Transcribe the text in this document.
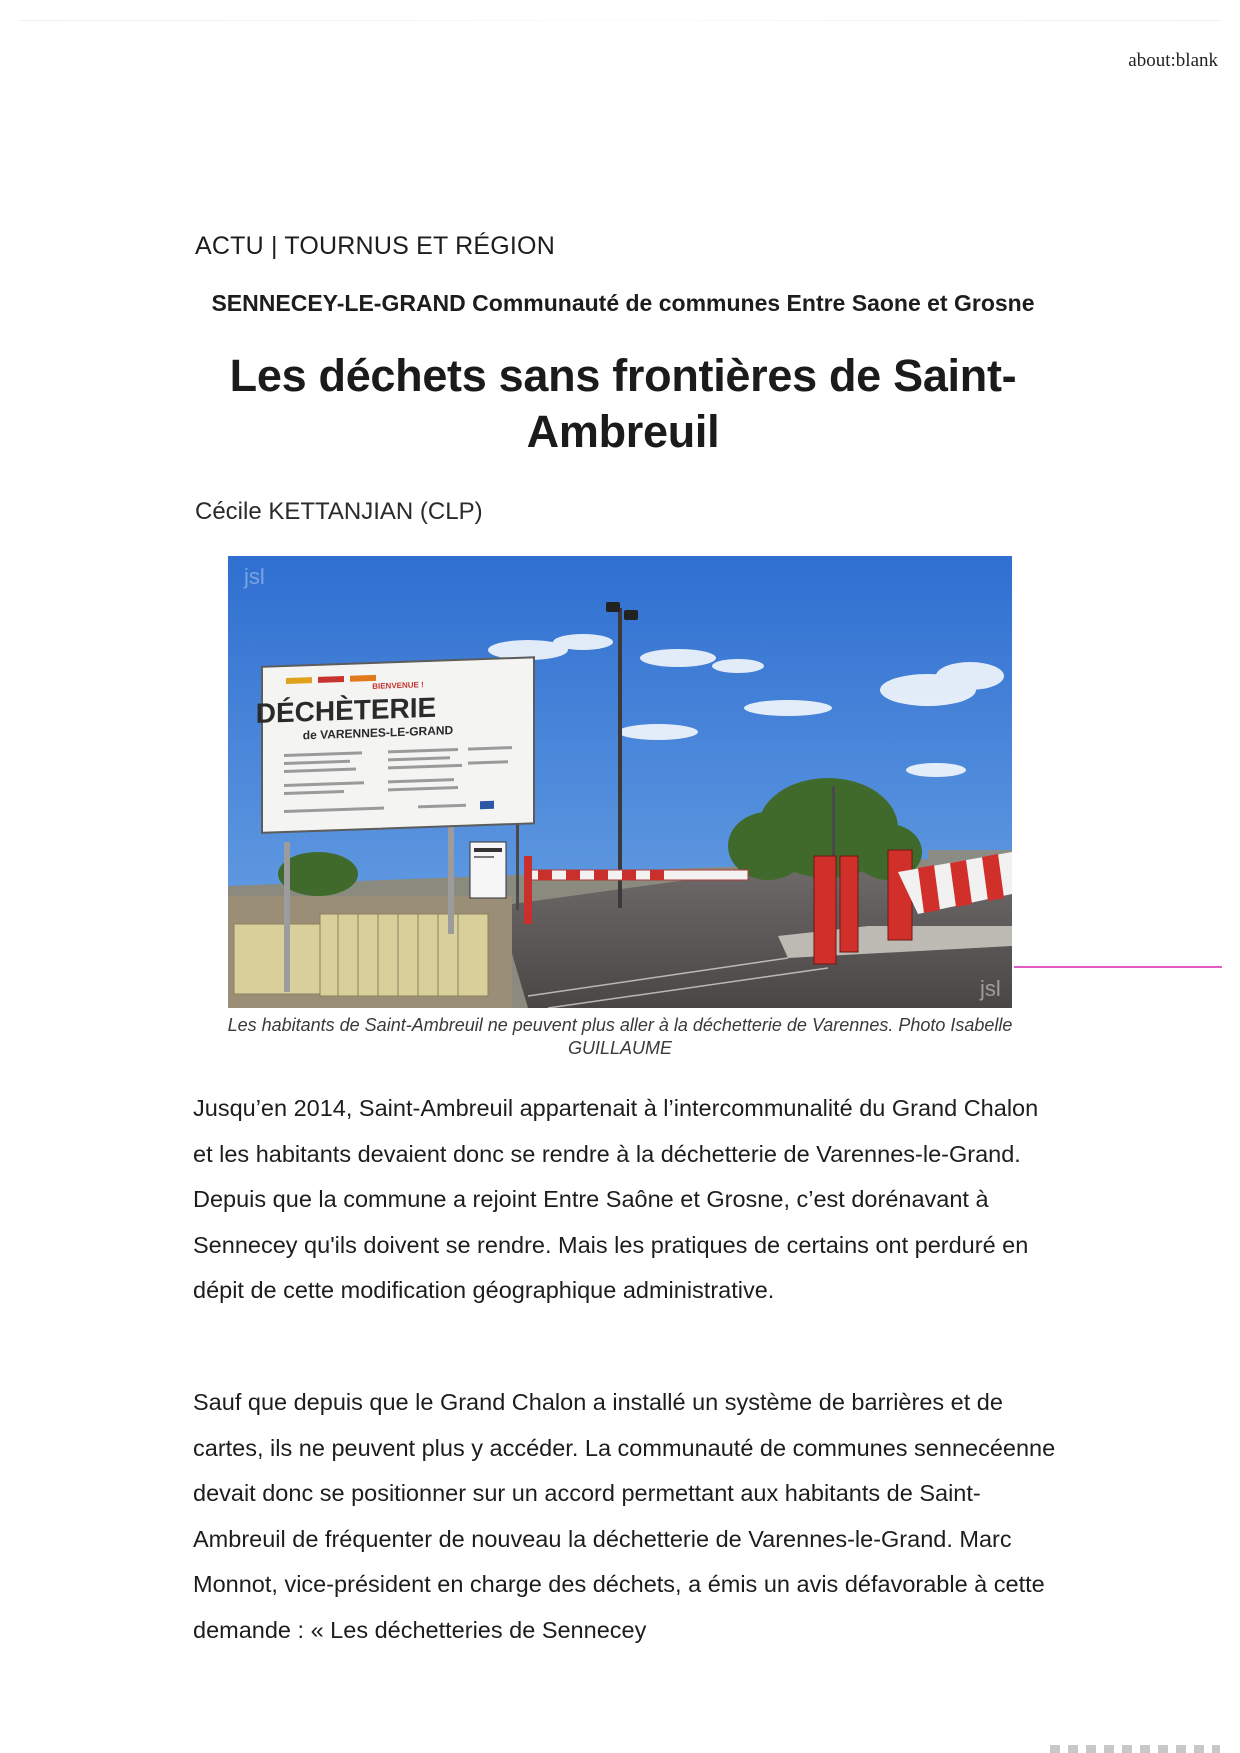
about:blank
ACTU | TOURNUS ET RÉGION
SENNECEY-LE-GRAND Communauté de communes Entre Saone et Grosne
Les déchets sans frontières de Saint-Ambreuil
Cécile KETTANJIAN (CLP)
BIENVENUE !
DÉCHÈTERIE
de VARENNES-LE-GRAND
jsl
jsl
Les habitants de Saint-Ambreuil ne peuvent plus aller à la déchetterie de Varennes. Photo Isabelle GUILLAUME

Jusqu’en 2014, Saint-Ambreuil appartenait à l’intercommunalité du Grand Chalon et les habitants devaient donc se rendre à la déchetterie de Varennes-le-Grand. Depuis que la commune a rejoint Entre Saône et Grosne, c’est dorénavant à Sennecey qu'ils doivent se rendre. Mais les pratiques de certains ont perduré en dépit de cette modification géographique administrative.

Sauf que depuis que le Grand Chalon a installé un système de barrières et de cartes, ils ne peuvent plus y accéder. La communauté de communes sennecéenne devait donc se positionner sur un accord permettant aux habitants de Saint-Ambreuil de fréquenter de nouveau la déchetterie de Varennes-le-Grand. Marc Monnot, vice-président en charge des déchets, a émis un avis défavorable à cette demande : « Les déchetteries de Sennecey
